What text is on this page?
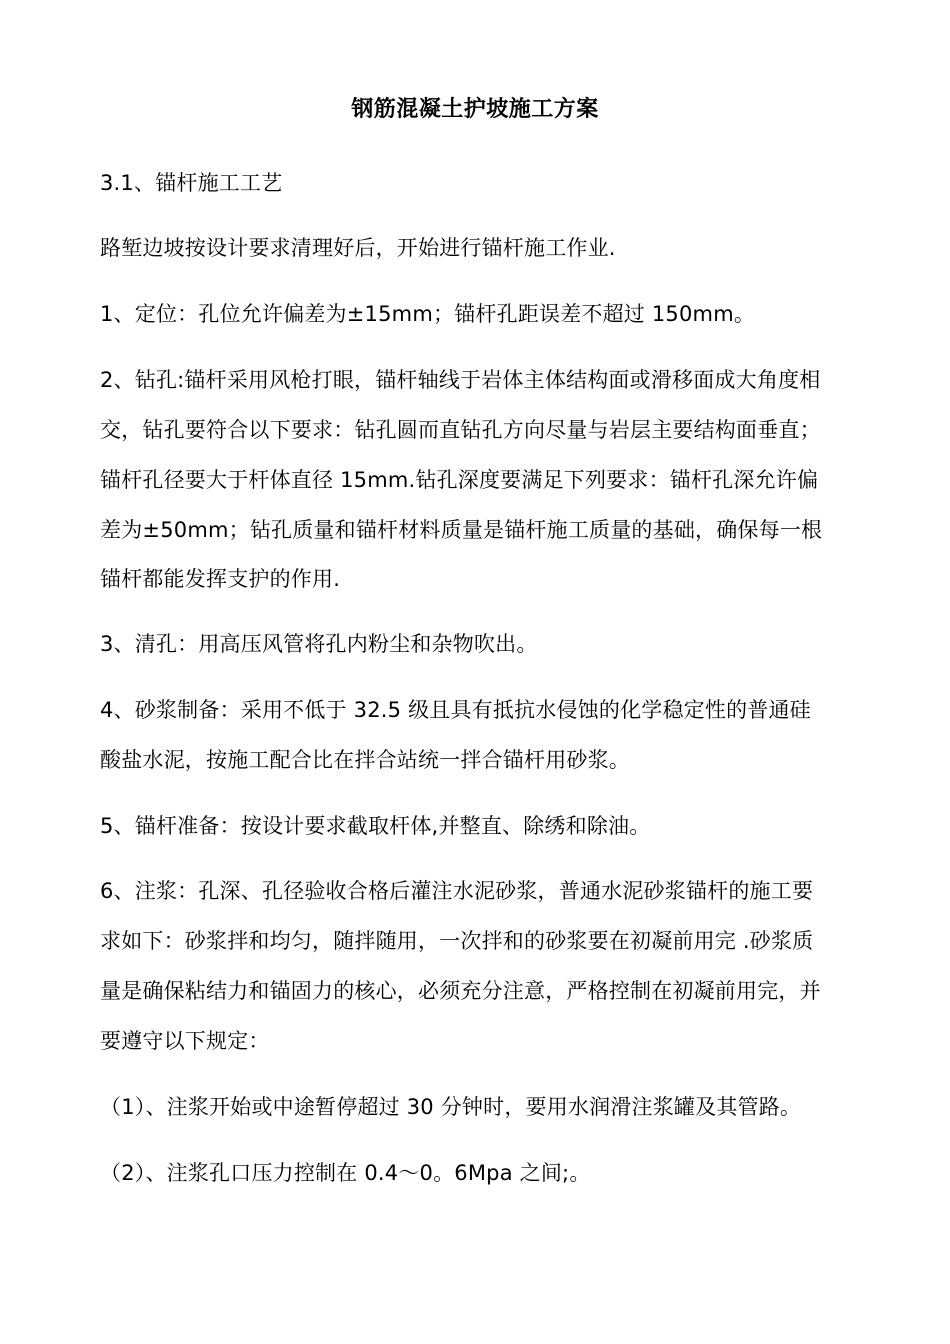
钢筋混凝土护坡施工方案
3.1、锚杆施工工艺
路堑边坡按设计要求清理好后，开始进行锚杆施工作业.
1、定位：孔位允许偏差为±15mm；锚杆孔距误差不超过 150mm。
2、钻孔:锚杆采用风枪打眼，锚杆轴线于岩体主体结构面或滑移面成大角度相
交，钻孔要符合以下要求：钻孔圆而直钻孔方向尽量与岩层主要结构面垂直；
锚杆孔径要大于杆体直径 15mm.钻孔深度要满足下列要求：锚杆孔深允许偏
差为±50mm；钻孔质量和锚杆材料质量是锚杆施工质量的基础，确保每一根
锚杆都能发挥支护的作用.
3、清孔：用高压风管将孔内粉尘和杂物吹出。
4、砂浆制备：采用不低于 32.5 级且具有抵抗水侵蚀的化学稳定性的普通硅
酸盐水泥，按施工配合比在拌合站统一拌合锚杆用砂浆。
5、锚杆准备：按设计要求截取杆体,并整直、除绣和除油。
6、注浆：孔深、孔径验收合格后灌注水泥砂浆，普通水泥砂浆锚杆的施工要
求如下：砂浆拌和均匀，随拌随用，一次拌和的砂浆要在初凝前用完 .砂浆质
量是确保粘结力和锚固力的核心，必须充分注意，严格控制在初凝前用完，并
要遵守以下规定：
（1）、注浆开始或中途暂停超过 30 分钟时，要用水润滑注浆罐及其管路。
（2）、注浆孔口压力控制在 0.4～0。6Mpa 之间;。
